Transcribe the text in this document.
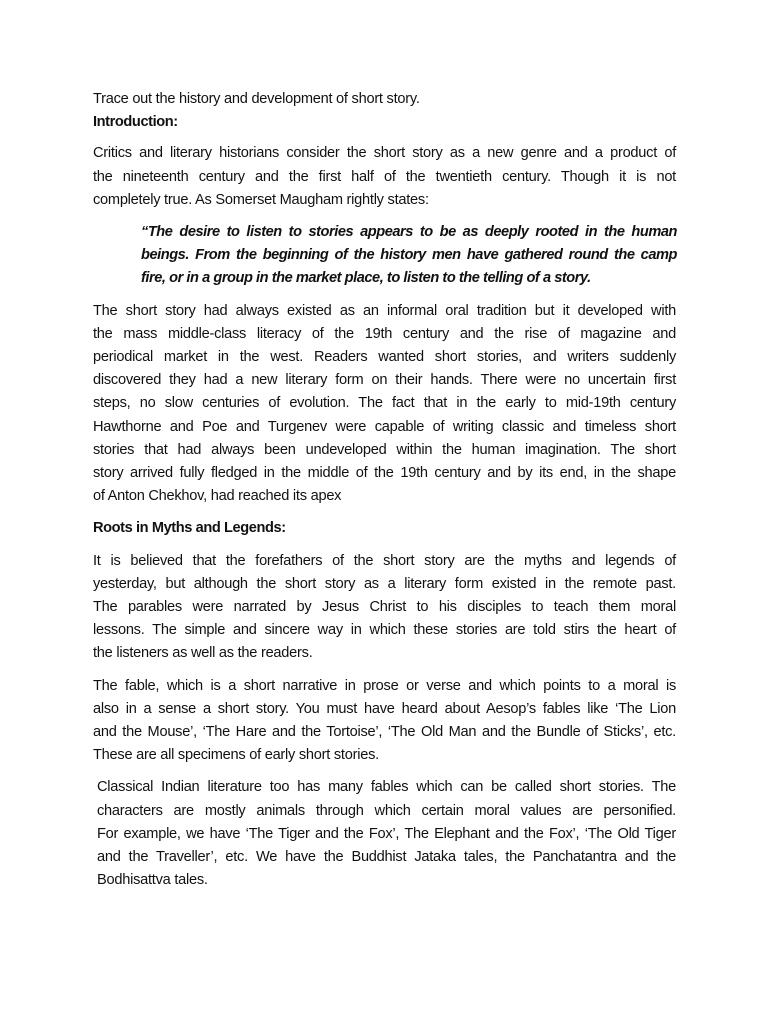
Trace out the history and development of short story.
Introduction:
Critics and literary historians consider the short story as a new genre and a product of
the nineteenth century and the first half of the twentieth century. Though it is not
completely true. As Somerset Maugham rightly states:
“The desire to listen to stories appears to be as deeply rooted in the human
beings. From the beginning of the history men have gathered round the camp
fire, or in a group in the market place, to listen to the telling of a story.
The short story had always existed as an informal oral tradition but it developed with
the mass middle-class literacy of the 19th century and the rise of magazine and
periodical market in the west. Readers wanted short stories, and writers suddenly
discovered they had a new literary form on their hands. There were no uncertain first
steps, no slow centuries of evolution. The fact that in the early to mid-19th century
Hawthorne and Poe and Turgenev were capable of writing classic and timeless short
stories that had always been undeveloped within the human imagination. The short
story arrived fully fledged in the middle of the 19th century and by its end, in the shape
of Anton Chekhov, had reached its apex
Roots in Myths and Legends:
It is believed that the forefathers of the short story are the myths and legends of
yesterday, but although the short story as a literary form existed in the remote past.
The parables were narrated by Jesus Christ to his disciples to teach them moral
lessons. The simple and sincere way in which these stories are told stirs the heart of
the listeners as well as the readers.
The fable, which is a short narrative in prose or verse and which points to a moral is
also in a sense a short story. You must have heard about Aesop’s fables like ‘The Lion
and the Mouse’, ‘The Hare and the Tortoise’, ‘The Old Man and the Bundle of Sticks’, etc.
These are all specimens of early short stories.
Classical Indian literature too has many fables which can be called short stories. The
characters are mostly animals through which certain moral values are personified.
For example, we have ‘The Tiger and the Fox’, The Elephant and the Fox’, ‘The Old Tiger
and the Traveller’, etc. We have the Buddhist Jataka tales, the Panchatantra and the
Bodhisattva tales.
